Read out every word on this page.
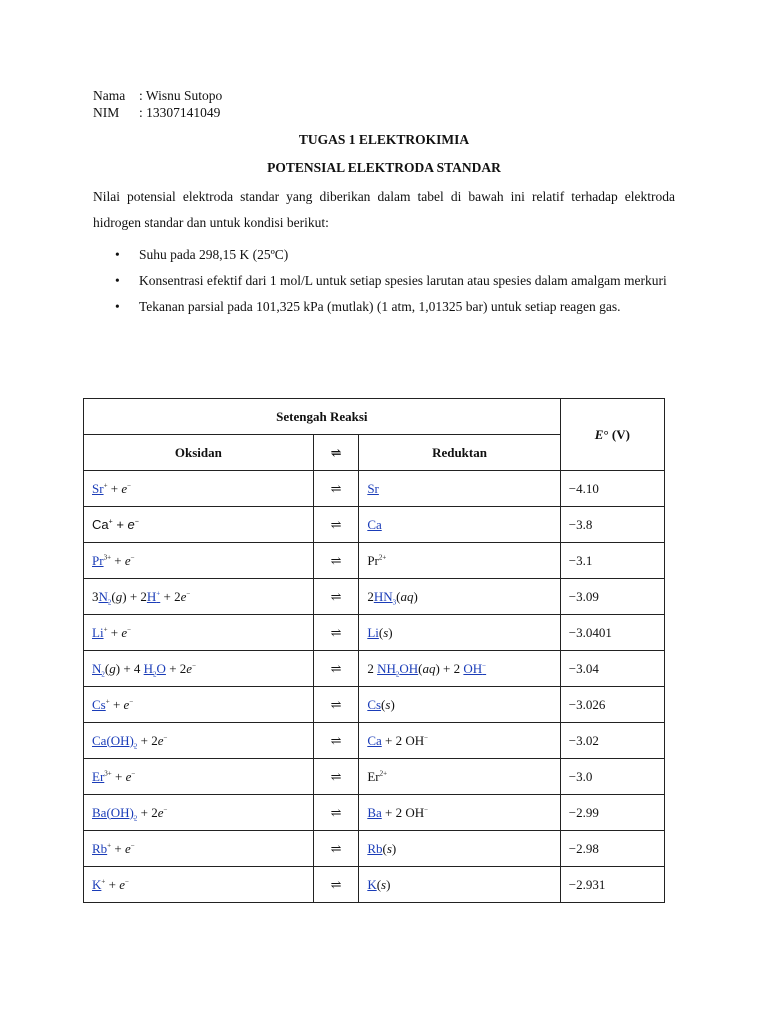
Nama	: Wisnu Sutopo
NIM	: 13307141049
TUGAS 1 ELEKTROKIMIA
POTENSIAL ELEKTRODA STANDAR
Nilai potensial elektroda standar yang diberikan dalam tabel di bawah ini relatif terhadap elektroda hidrogen standar dan untuk kondisi berikut:
• Suhu pada 298,15 K (25ºC)
• Konsentrasi efektif dari 1 mol/L untuk setiap spesies larutan atau spesies dalam amalgam merkuri
• Tekanan parsial pada 101,325 kPa (mutlak) (1 atm, 1,01325 bar) untuk setiap reagen gas.
Setengah Reaksi			E° (V)
Oksidan	⇌	Reduktan	
Sr+ + e−	⇌	Sr	−4.10
Ca+ + e−	⇌	Ca	−3.8
$Pr^{3+} + e^-$	⇌	$Pr^{2+}$	−3.1
$3N_2(g) + 2H^+ + 2e^-$	⇌	$2HN_3(aq)$	−3.09
Li+ + e−	⇌	Li(s)	−3.0401
$N_2(g) + 4$ $H_2O + 2e^-$	⇌	2 $NH_2OH(aq) + 2$ OH−	−3.04
Cs+ + e−	⇌	Cs(s)	−3.026
$Ca(OH)_2 + 2e^-$	⇌	Ca + 2 OH−	−3.02
$Er^{3+} + e^-$	⇌	$Er^{2+}$	−3.0
$Ba(OH)_2 + 2e^-$	⇌	Ba + 2 OH−	−2.99
Rb+ + e−	⇌	Rb(s)	−2.98
K+ + e−	⇌	K(s)	−2.931
